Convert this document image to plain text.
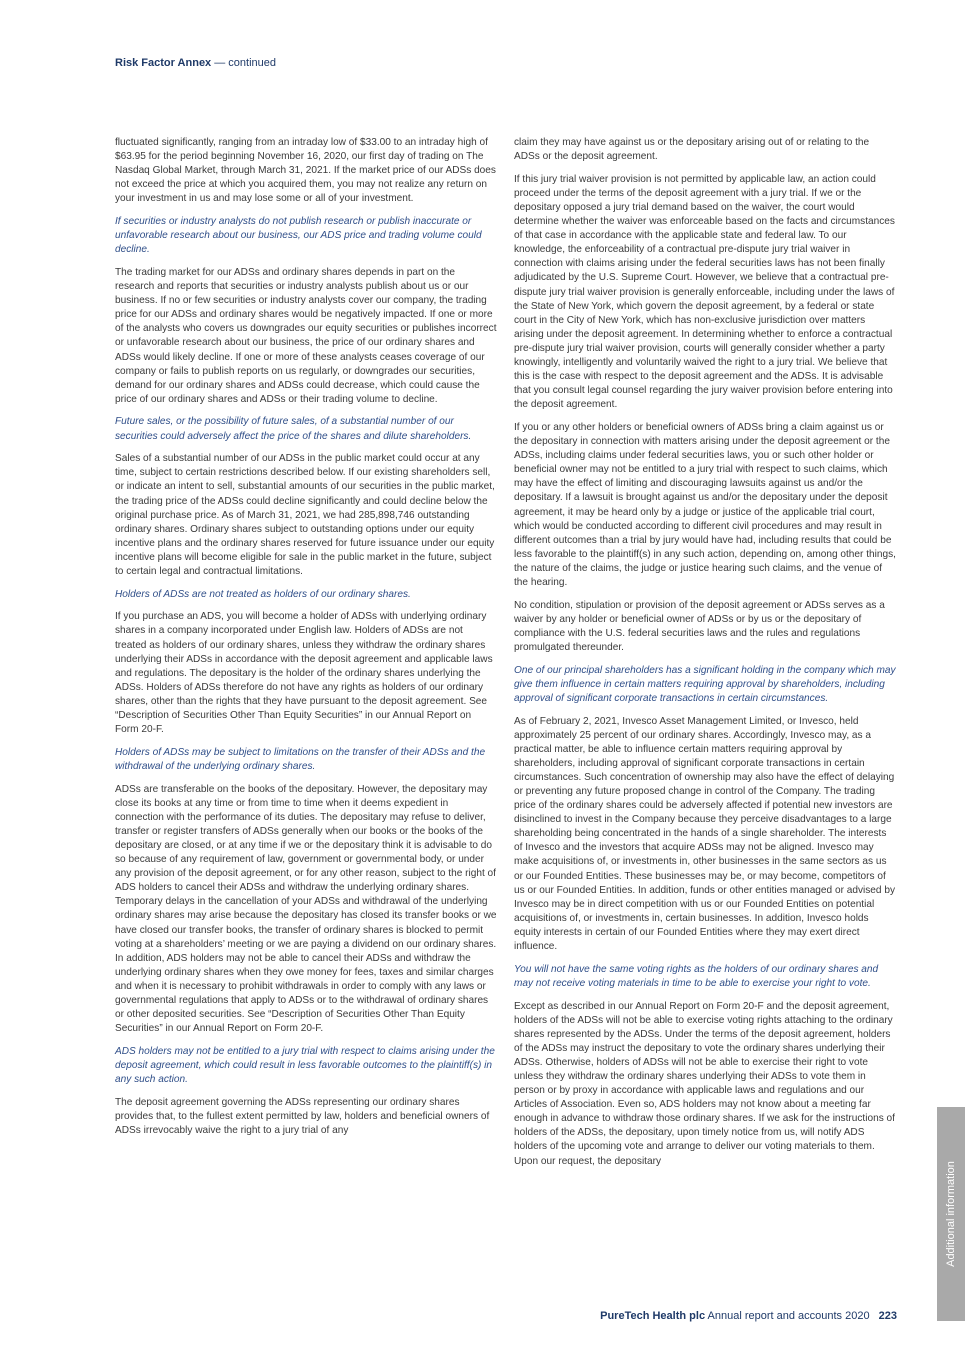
Risk Factor Annex — continued

fluctuated significantly, ranging from an intraday low of $33.00 to an intraday high of $63.95 for the period beginning November 16, 2020, our first day of trading on The Nasdaq Global Market, through March 31, 2021. If the market price of our ADSs does not exceed the price at which you acquired them, you may not realize any return on your investment in us and may lose some or all of your investment.

If securities or industry analysts do not publish research or publish inaccurate or unfavorable research about our business, our ADS price and trading volume could decline.

The trading market for our ADSs and ordinary shares depends in part on the research and reports that securities or industry analysts publish about us or our business. If no or few securities or industry analysts cover our company, the trading price for our ADSs and ordinary shares would be negatively impacted. If one or more of the analysts who covers us downgrades our equity securities or publishes incorrect or unfavorable research about our business, the price of our ordinary shares and ADSs would likely decline. If one or more of these analysts ceases coverage of our company or fails to publish reports on us regularly, or downgrades our securities, demand for our ordinary shares and ADSs could decrease, which could cause the price of our ordinary shares and ADSs or their trading volume to decline.

Future sales, or the possibility of future sales, of a substantial number of our securities could adversely affect the price of the shares and dilute shareholders.

Sales of a substantial number of our ADSs in the public market could occur at any time, subject to certain restrictions described below. If our existing shareholders sell, or indicate an intent to sell, substantial amounts of our securities in the public market, the trading price of the ADSs could decline significantly and could decline below the original purchase price. As of March 31, 2021, we had 285,898,746 outstanding ordinary shares. Ordinary shares subject to outstanding options under our equity incentive plans and the ordinary shares reserved for future issuance under our equity incentive plans will become eligible for sale in the public market in the future, subject to certain legal and contractual limitations.

Holders of ADSs are not treated as holders of our ordinary shares.

If you purchase an ADS, you will become a holder of ADSs with underlying ordinary shares in a company incorporated under English law. Holders of ADSs are not treated as holders of our ordinary shares, unless they withdraw the ordinary shares underlying their ADSs in accordance with the deposit agreement and applicable laws and regulations. The depositary is the holder of the ordinary shares underlying the ADSs. Holders of ADSs therefore do not have any rights as holders of our ordinary shares, other than the rights that they have pursuant to the deposit agreement. See “Description of Securities Other Than Equity Securities” in our Annual Report on Form 20-F.

Holders of ADSs may be subject to limitations on the transfer of their ADSs and the withdrawal of the underlying ordinary shares.

ADSs are transferable on the books of the depositary. However, the depositary may close its books at any time or from time to time when it deems expedient in connection with the performance of its duties. The depositary may refuse to deliver, transfer or register transfers of ADSs generally when our books or the books of the depositary are closed, or at any time if we or the depositary think it is advisable to do so because of any requirement of law, government or governmental body, or under any provision of the deposit agreement, or for any other reason, subject to the right of ADS holders to cancel their ADSs and withdraw the underlying ordinary shares. Temporary delays in the cancellation of your ADSs and withdrawal of the underlying ordinary shares may arise because the depositary has closed its transfer books or we have closed our transfer books, the transfer of ordinary shares is blocked to permit voting at a shareholders’ meeting or we are paying a dividend on our ordinary shares. In addition, ADS holders may not be able to cancel their ADSs and withdraw the underlying ordinary shares when they owe money for fees, taxes and similar charges and when it is necessary to prohibit withdrawals in order to comply with any laws or governmental regulations that apply to ADSs or to the withdrawal of ordinary shares or other deposited securities. See “Description of Securities Other Than Equity Securities” in our Annual Report on Form 20-F.

ADS holders may not be entitled to a jury trial with respect to claims arising under the deposit agreement, which could result in less favorable outcomes to the plaintiff(s) in any such action.

The deposit agreement governing the ADSs representing our ordinary shares provides that, to the fullest extent permitted by law, holders and beneficial owners of ADSs irrevocably waive the right to a jury trial of any

claim they may have against us or the depositary arising out of or relating to the ADSs or the deposit agreement.

If this jury trial waiver provision is not permitted by applicable law, an action could proceed under the terms of the deposit agreement with a jury trial. If we or the depositary opposed a jury trial demand based on the waiver, the court would determine whether the waiver was enforceable based on the facts and circumstances of that case in accordance with the applicable state and federal law. To our knowledge, the enforceability of a contractual pre-dispute jury trial waiver in connection with claims arising under the federal securities laws has not been finally adjudicated by the U.S. Supreme Court. However, we believe that a contractual pre-dispute jury trial waiver provision is generally enforceable, including under the laws of the State of New York, which govern the deposit agreement, by a federal or state court in the City of New York, which has non-exclusive jurisdiction over matters arising under the deposit agreement. In determining whether to enforce a contractual pre-dispute jury trial waiver provision, courts will generally consider whether a party knowingly, intelligently and voluntarily waived the right to a jury trial. We believe that this is the case with respect to the deposit agreement and the ADSs. It is advisable that you consult legal counsel regarding the jury waiver provision before entering into the deposit agreement.

If you or any other holders or beneficial owners of ADSs bring a claim against us or the depositary in connection with matters arising under the deposit agreement or the ADSs, including claims under federal securities laws, you or such other holder or beneficial owner may not be entitled to a jury trial with respect to such claims, which may have the effect of limiting and discouraging lawsuits against us and/or the depositary. If a lawsuit is brought against us and/or the depositary under the deposit agreement, it may be heard only by a judge or justice of the applicable trial court, which would be conducted according to different civil procedures and may result in different outcomes than a trial by jury would have had, including results that could be less favorable to the plaintiff(s) in any such action, depending on, among other things, the nature of the claims, the judge or justice hearing such claims, and the venue of the hearing.

No condition, stipulation or provision of the deposit agreement or ADSs serves as a waiver by any holder or beneficial owner of ADSs or by us or the depositary of compliance with the U.S. federal securities laws and the rules and regulations promulgated thereunder.

One of our principal shareholders has a significant holding in the company which may give them influence in certain matters requiring approval by shareholders, including approval of significant corporate transactions in certain circumstances.

As of February 2, 2021, Invesco Asset Management Limited, or Invesco, held approximately 25 percent of our ordinary shares. Accordingly, Invesco may, as a practical matter, be able to influence certain matters requiring approval by shareholders, including approval of significant corporate transactions in certain circumstances. Such concentration of ownership may also have the effect of delaying or preventing any future proposed change in control of the Company. The trading price of the ordinary shares could be adversely affected if potential new investors are disinclined to invest in the Company because they perceive disadvantages to a large shareholding being concentrated in the hands of a single shareholder. The interests of Invesco and the investors that acquire ADSs may not be aligned. Invesco may make acquisitions of, or investments in, other businesses in the same sectors as us or our Founded Entities. These businesses may be, or may become, competitors of us or our Founded Entities. In addition, funds or other entities managed or advised by Invesco may be in direct competition with us or our Founded Entities on potential acquisitions of, or investments in, certain businesses. In addition, Invesco holds equity interests in certain of our Founded Entities where they may exert direct influence.

You will not have the same voting rights as the holders of our ordinary shares and may not receive voting materials in time to be able to exercise your right to vote.

Except as described in our Annual Report on Form 20-F and the deposit agreement, holders of the ADSs will not be able to exercise voting rights attaching to the ordinary shares represented by the ADSs. Under the terms of the deposit agreement, holders of the ADSs may instruct the depositary to vote the ordinary shares underlying their ADSs. Otherwise, holders of ADSs will not be able to exercise their right to vote unless they withdraw the ordinary shares underlying their ADSs to vote them in person or by proxy in accordance with applicable laws and regulations and our Articles of Association. Even so, ADS holders may not know about a meeting far enough in advance to withdraw those ordinary shares. If we ask for the instructions of holders of the ADSs, the depositary, upon timely notice from us, will notify ADS holders of the upcoming vote and arrange to deliver our voting materials to them. Upon our request, the depositary

Additional information
PureTech Health plc Annual report and accounts 2020 223
